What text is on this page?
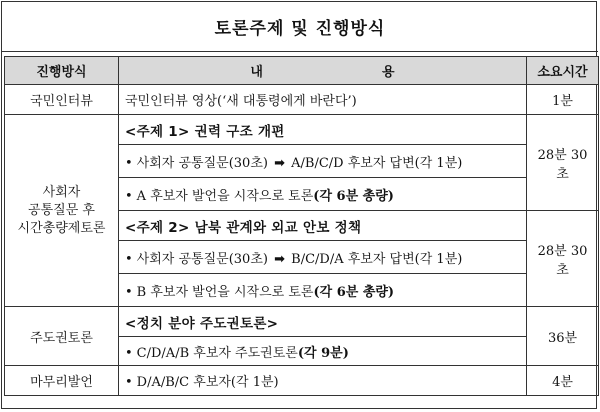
토론주제 및 진행방식
진행방식	내 용	소요시간
국민인터뷰	국민인터뷰 영상(‘새 대통령에게 바란다’)	1분

사회자
공통질문 후
시간총량제토론	<주제 1> 권력 구조 개편	28분 30초
	• 사회자 공통질문(30초) ➡ A/B/C/D 후보자 답변(각 1분)	
	• A 후보자 발언을 시작으로 토론(각 6분 총량)	
	<주제 2> 남북 관계와 외교 안보 정책	28분 30초
	• 사회자 공통질문(30초) ➡ B/C/D/A 후보자 답변(각 1분)	
	• B 후보자 발언을 시작으로 토론(각 6분 총량)	
주도권토론	<정치 분야 주도권토론>	36분
	• C/D/A/B 후보자 주도권토론(각 9분)	
마무리발언	• D/A/B/C 후보자(각 1분)	4분
